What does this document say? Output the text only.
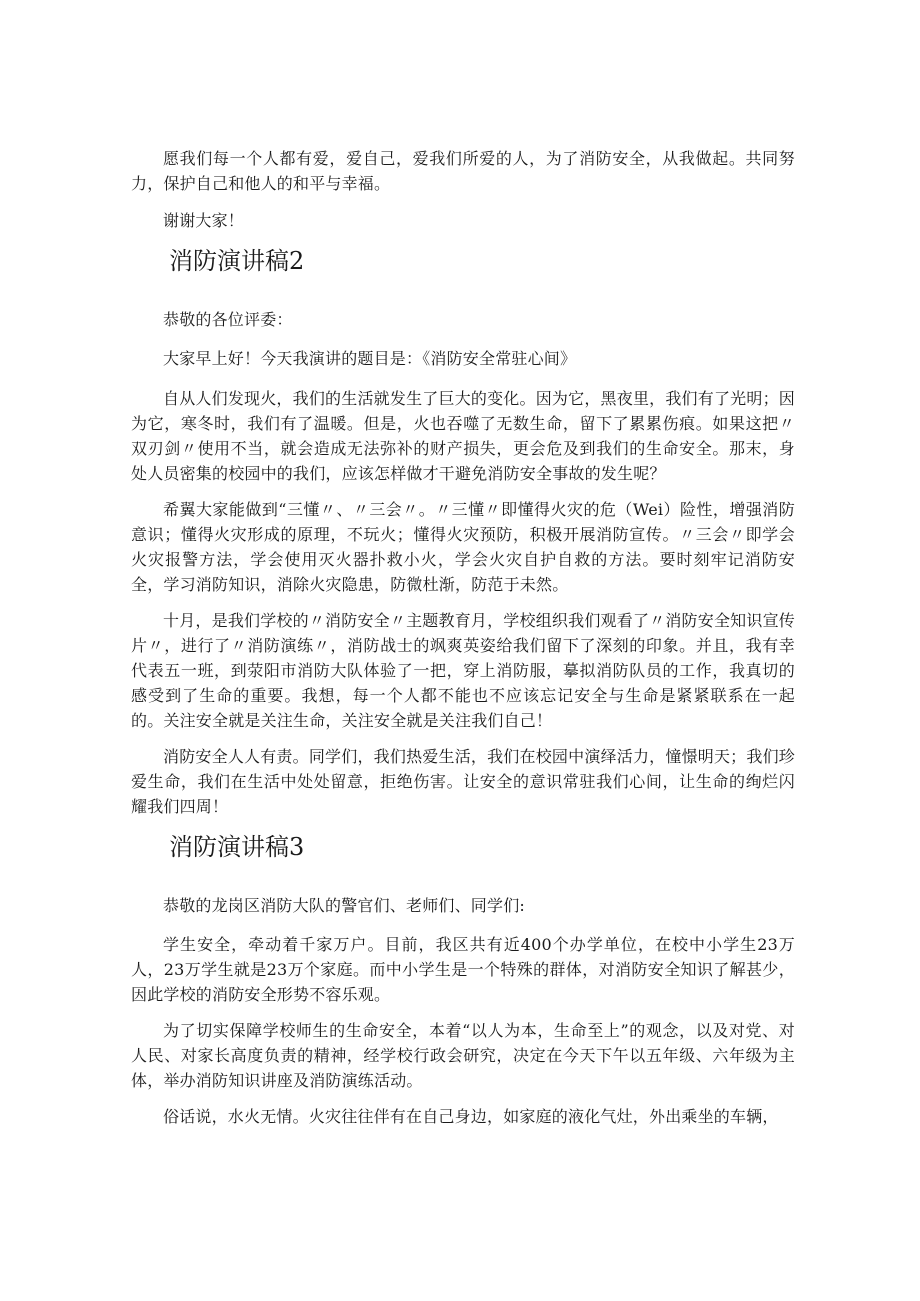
愿我们每一个人都有爱，爱自己，爱我们所爱的人，为了消防安全，从我做起。共同努力，保护自己和他人的和平与幸福。

谢谢大家！

消防演讲稿2

恭敬的各位评委：

大家早上好！今天我演讲的题目是：《消防安全常驻心间》

自从人们发现火，我们的生活就发生了巨大的变化。因为它，黑夜里，我们有了光明；因为它，寒冬时，我们有了温暖。但是，火也吞噬了无数生命，留下了累累伤痕。如果这把〃双刃剑〃使用不当，就会造成无法弥补的财产损失，更会危及到我们的生命安全。那末，身处人员密集的校园中的我们，应该怎样做才干避免消防安全事故的发生呢？

希翼大家能做到“三懂〃、〃三会〃。〃三懂〃即懂得火灾的危（Wei）险性，增强消防意识；懂得火灾形成的原理，不玩火；懂得火灾预防，积极开展消防宣传。〃三会〃即学会火灾报警方法，学会使用灭火器扑救小火，学会火灾自护自救的方法。要时刻牢记消防安全，学习消防知识，消除火灾隐患，防微杜渐，防范于未然。

十月，是我们学校的〃消防安全〃主题教育月，学校组织我们观看了〃消防安全知识宣传片〃，进行了〃消防演练〃，消防战士的飒爽英姿给我们留下了深刻的印象。并且，我有幸代表五一班，到荥阳市消防大队体验了一把，穿上消防服，摹拟消防队员的工作，我真切的感受到了生命的重要。我想，每一个人都不能也不应该忘记安全与生命是紧紧联系在一起的。关注安全就是关注生命，关注安全就是关注我们自己！

消防安全人人有责。同学们，我们热爱生活，我们在校园中演绎活力，憧憬明天；我们珍爱生命，我们在生活中处处留意，拒绝伤害。让安全的意识常驻我们心间，让生命的绚烂闪耀我们四周！

消防演讲稿3

恭敬的龙岗区消防大队的警官们、老师们、同学们:

学生安全，牵动着千家万户。目前，我区共有近400个办学单位，在校中小学生23万人，23万学生就是23万个家庭。而中小学生是一个特殊的群体，对消防安全知识了解甚少，因此学校的消防安全形势不容乐观。

为了切实保障学校师生的生命安全，本着“以人为本，生命至上”的观念，以及对党、对人民、对家长高度负责的精神，经学校行政会研究，决定在今天下午以五年级、六年级为主体，举办消防知识讲座及消防演练活动。

俗话说，水火无情。火灾往往伴有在自己身边，如家庭的液化气灶，外出乘坐的车辆，
